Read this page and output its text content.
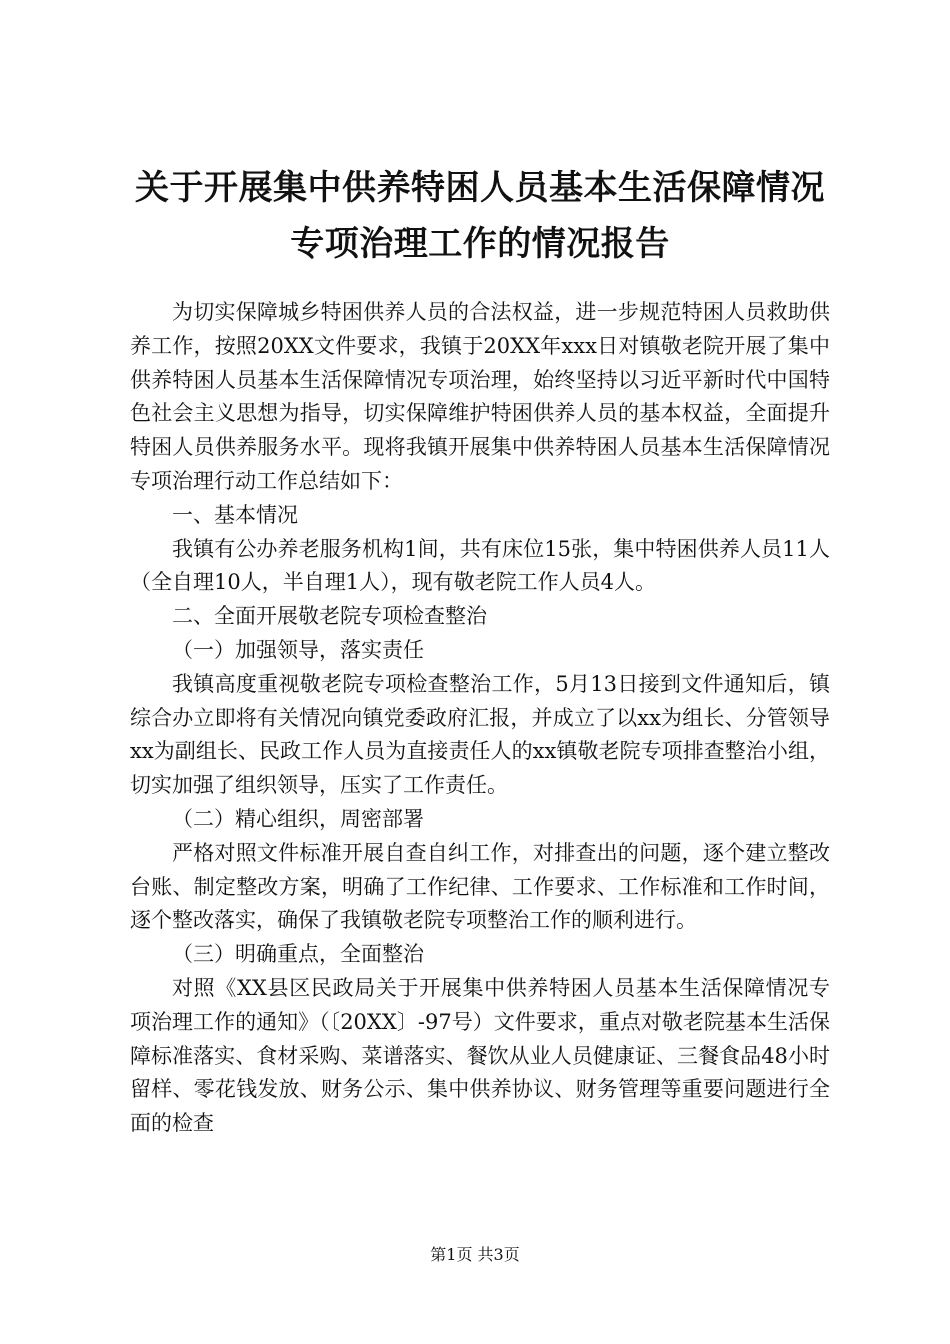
关于开展集中供养特困人员基本生活保障情况
专项治理工作的情况报告

为切实保障城乡特困供养人员的合法权益，进一步规范特困人员救助供养工作，按照20XX文件要求，我镇于20XX年xxx日对镇敬老院开展了集中供养特困人员基本生活保障情况专项治理，始终坚持以习近平新时代中国特色社会主义思想为指导，切实保障维护特困供养人员的基本权益，全面提升特困人员供养服务水平。现将我镇开展集中供养特困人员基本生活保障情况专项治理行动工作总结如下：

一、基本情况

我镇有公办养老服务机构1间，共有床位15张，集中特困供养人员11人（全自理10人，半自理1人），现有敬老院工作人员4人。

二、全面开展敬老院专项检查整治

（一）加强领导，落实责任

我镇高度重视敬老院专项检查整治工作，5月13日接到文件通知后，镇综合办立即将有关情况向镇党委政府汇报，并成立了以xx为组长、分管领导xx为副组长、民政工作人员为直接责任人的xx镇敬老院专项排查整治小组，切实加强了组织领导，压实了工作责任。

（二）精心组织，周密部署

严格对照文件标准开展自查自纠工作，对排查出的问题，逐个建立整改台账、制定整改方案，明确了工作纪律、工作要求、工作标准和工作时间，逐个整改落实，确保了我镇敬老院专项整治工作的顺利进行。

（三）明确重点，全面整治

对照《XX县区民政局关于开展集中供养特困人员基本生活保障情况专项治理工作的通知》（〔20XX〕-97号）文件要求，重点对敬老院基本生活保障标准落实、食材采购、菜谱落实、餐饮从业人员健康证、三餐食品48小时留样、零花钱发放、财务公示、集中供养协议、财务管理等重要问题进行全面的检查

第1页 共3页
